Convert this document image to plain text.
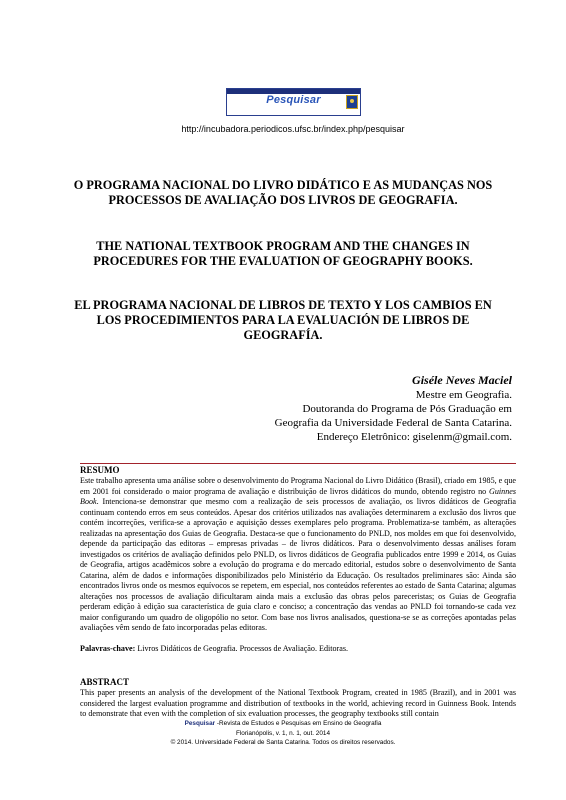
Pesquisar
http://incubadora.periodicos.ufsc.br/index.php/pesquisar
O PROGRAMA NACIONAL DO LIVRO DIDÁTICO E AS MUDANÇAS NOS PROCESSOS DE AVALIAÇÃO DOS LIVROS DE GEOGRAFIA.
THE NATIONAL TEXTBOOK PROGRAM AND THE CHANGES IN PROCEDURES FOR THE EVALUATION OF GEOGRAPHY BOOKS.
EL PROGRAMA NACIONAL DE LIBROS DE TEXTO Y LOS CAMBIOS EN LOS PROCEDIMIENTOS PARA LA EVALUACIÓN DE LIBROS DE GEOGRAFÍA.
Giséle Neves Maciel
Mestre em Geografia.
Doutoranda do Programa de Pós Graduação em
Geografia da Universidade Federal de Santa Catarina.
Endereço Eletrônico: giselenm@gmail.com.
RESUMO
Este trabalho apresenta uma análise sobre o desenvolvimento do Programa Nacional do Livro Didático (Brasil), criado em 1985, e que em 2001 foi considerado o maior programa de avaliação e distribuição de livros didáticos do mundo, obtendo registro no Guinnes Book. Intenciona-se demonstrar que mesmo com a realização de seis processos de avaliação, os livros didáticos de Geografia continuam contendo erros em seus conteúdos. Apesar dos critérios utilizados nas avaliações determinarem a exclusão dos livros que contém incorreções, verifica-se a aprovação e aquisição desses exemplares pelo programa. Problematiza-se também, as alterações realizadas na apresentação dos Guias de Geografia. Destaca-se que o funcionamento do PNLD, nos moldes em que foi desenvolvido, depende da participação das editoras – empresas privadas – de livros didáticos. Para o desenvolvimento dessas análises foram investigados os critérios de avaliação definidos pelo PNLD, os livros didáticos de Geografia publicados entre 1999 e 2014, os Guias de Geografia, artigos acadêmicos sobre a evolução do programa e do mercado editorial, estudos sobre o desenvolvimento de Santa Catarina, além de dados e informações disponibilizados pelo Ministério da Educação. Os resultados preliminares são: Ainda são encontrados livros onde os mesmos equívocos se repetem, em especial, nos conteúdos referentes ao estado de Santa Catarina; algumas alterações nos processos de avaliação dificultaram ainda mais a exclusão das obras pelos pareceristas; os Guias de Geografia perderam edição à edição sua característica de guia claro e conciso; a concentração das vendas ao PNLD foi tornando-se cada vez maior configurando um quadro de oligopólio no setor. Com base nos livros analisados, questiona-se se as correções apontadas pelas avaliações vêm sendo de fato incorporadas pelas editoras.
Palavras-chave: Livros Didáticos de Geografia. Processos de Avaliação. Editoras.
ABSTRACT
This paper presents an analysis of the development of the National Textbook Program, created in 1985 (Brazil), and in 2001 was considered the largest evaluation programme and distribution of textbooks in the world, achieving record in Guinness Book. Intends to demonstrate that even with the completion of six evaluation processes, the geography textbooks still contain
Pesquisar -Revista de Estudos e Pesquisas em Ensino de Geografia
Florianópolis, v. 1, n. 1, out. 2014
© 2014. Universidade Federal de Santa Catarina. Todos os direitos reservados.
